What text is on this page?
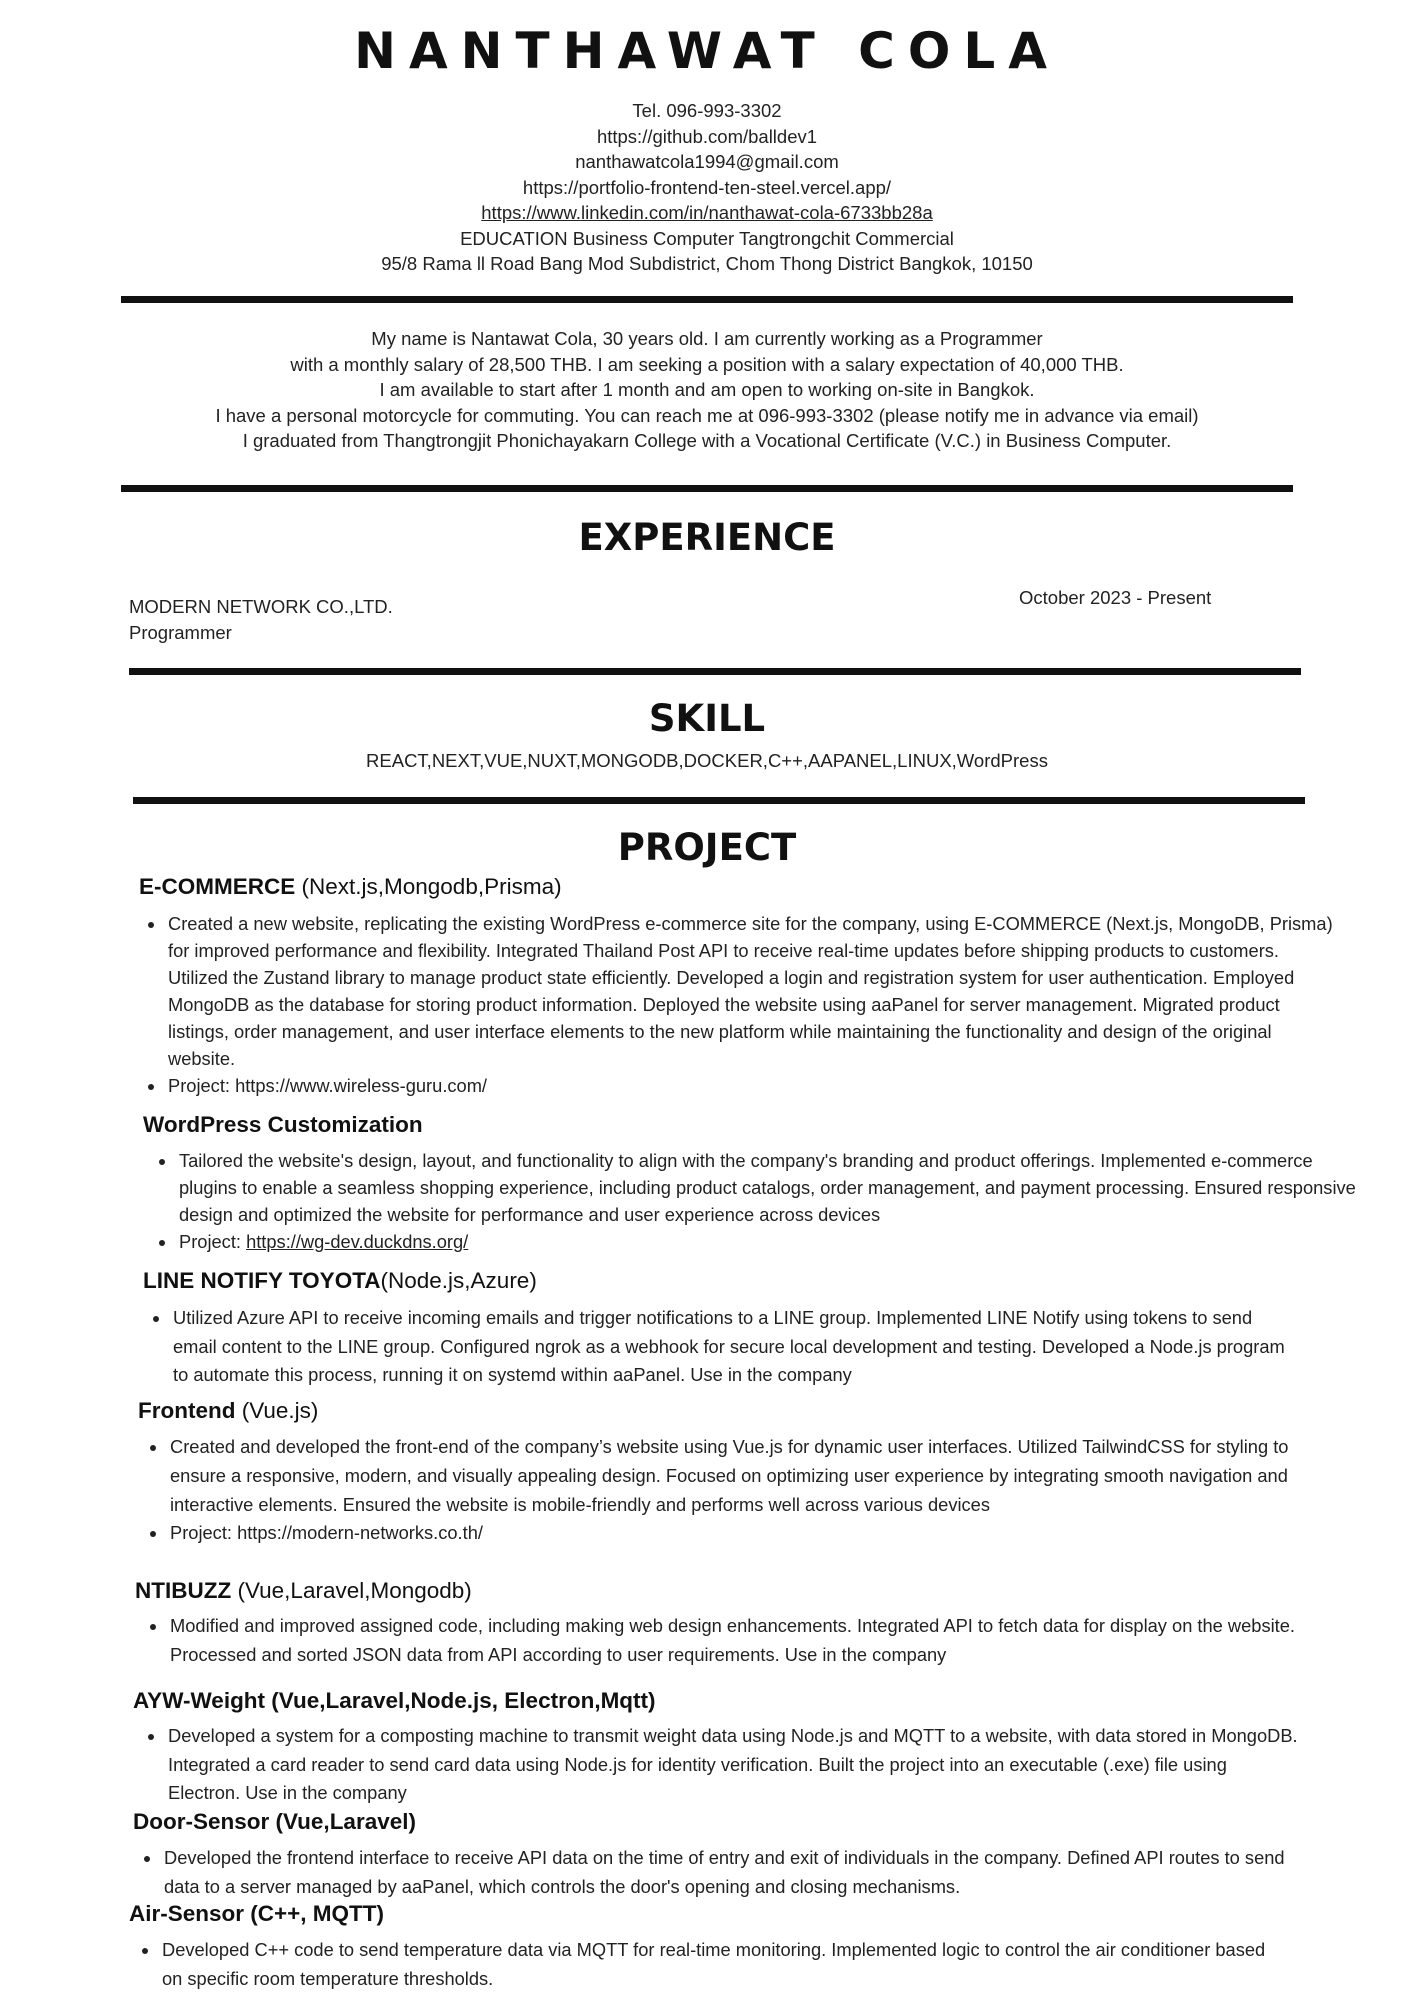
NANTHAWAT COLA
Tel. 096-993-3302
https://github.com/balldev1
nanthawatcola1994@gmail.com
https://portfolio-frontend-ten-steel.vercel.app/
https://www.linkedin.com/in/nanthawat-cola-6733bb28a
EDUCATION Business Computer Tangtrongchit Commercial
95/8 Rama ll Road Bang Mod Subdistrict, Chom Thong District Bangkok, 10150
My name is Nantawat Cola, 30 years old. I am currently working as a Programmer
with a monthly salary of 28,500 THB. I am seeking a position with a salary expectation of 40,000 THB.
I am available to start after 1 month and am open to working on-site in Bangkok.
I have a personal motorcycle for commuting. You can reach me at 096-993-3302 (please notify me in advance via email)
I graduated from Thangtrongjit Phonichayakarn College with a Vocational Certificate (V.C.) in Business Computer.
EXPERIENCE
MODERN NETWORK CO.,LTD.
Programmer
October 2023 - Present
SKILL
REACT,NEXT,VUE,NUXT,MONGODB,DOCKER,C++,AAPANEL,LINUX,WordPress
PROJECT
E-COMMERCE (Next.js,Mongodb,Prisma)
• Created a new website, replicating the existing WordPress e-commerce site for the company, using E-COMMERCE (Next.js, MongoDB, Prisma) for improved performance and flexibility. Integrated Thailand Post API to receive real-time updates before shipping products to customers. Utilized the Zustand library to manage product state efficiently. Developed a login and registration system for user authentication. Employed MongoDB as the database for storing product information. Deployed the website using aaPanel for server management. Migrated product listings, order management, and user interface elements to the new platform while maintaining the functionality and design of the original website.
• Project: https://www.wireless-guru.com/
WordPress Customization
• Tailored the website's design, layout, and functionality to align with the company's branding and product offerings. Implemented e-commerce plugins to enable a seamless shopping experience, including product catalogs, order management, and payment processing. Ensured responsive design and optimized the website for performance and user experience across devices
• Project: https://wg-dev.duckdns.org/
LINE NOTIFY TOYOTA(Node.js,Azure)
• Utilized Azure API to receive incoming emails and trigger notifications to a LINE group. Implemented LINE Notify using tokens to send email content to the LINE group. Configured ngrok as a webhook for secure local development and testing. Developed a Node.js program to automate this process, running it on systemd within aaPanel. Use in the company
Frontend (Vue.js)
• Created and developed the front-end of the company’s website using Vue.js for dynamic user interfaces. Utilized TailwindCSS for styling to ensure a responsive, modern, and visually appealing design. Focused on optimizing user experience by integrating smooth navigation and interactive elements. Ensured the website is mobile-friendly and performs well across various devices
• Project: https://modern-networks.co.th/
NTIBUZZ (Vue,Laravel,Mongodb)
• Modified and improved assigned code, including making web design enhancements. Integrated API to fetch data for display on the website. Processed and sorted JSON data from API according to user requirements. Use in the company
AYW-Weight (Vue,Laravel,Node.js, Electron,Mqtt)
• Developed a system for a composting machine to transmit weight data using Node.js and MQTT to a website, with data stored in MongoDB. Integrated a card reader to send card data using Node.js for identity verification. Built the project into an executable (.exe) file using Electron. Use in the company
Door-Sensor (Vue,Laravel)
• Developed the frontend interface to receive API data on the time of entry and exit of individuals in the company. Defined API routes to send data to a server managed by aaPanel, which controls the door's opening and closing mechanisms.
Air-Sensor (C++, MQTT)
• Developed C++ code to send temperature data via MQTT for real-time monitoring. Implemented logic to control the air conditioner based on specific room temperature thresholds.
